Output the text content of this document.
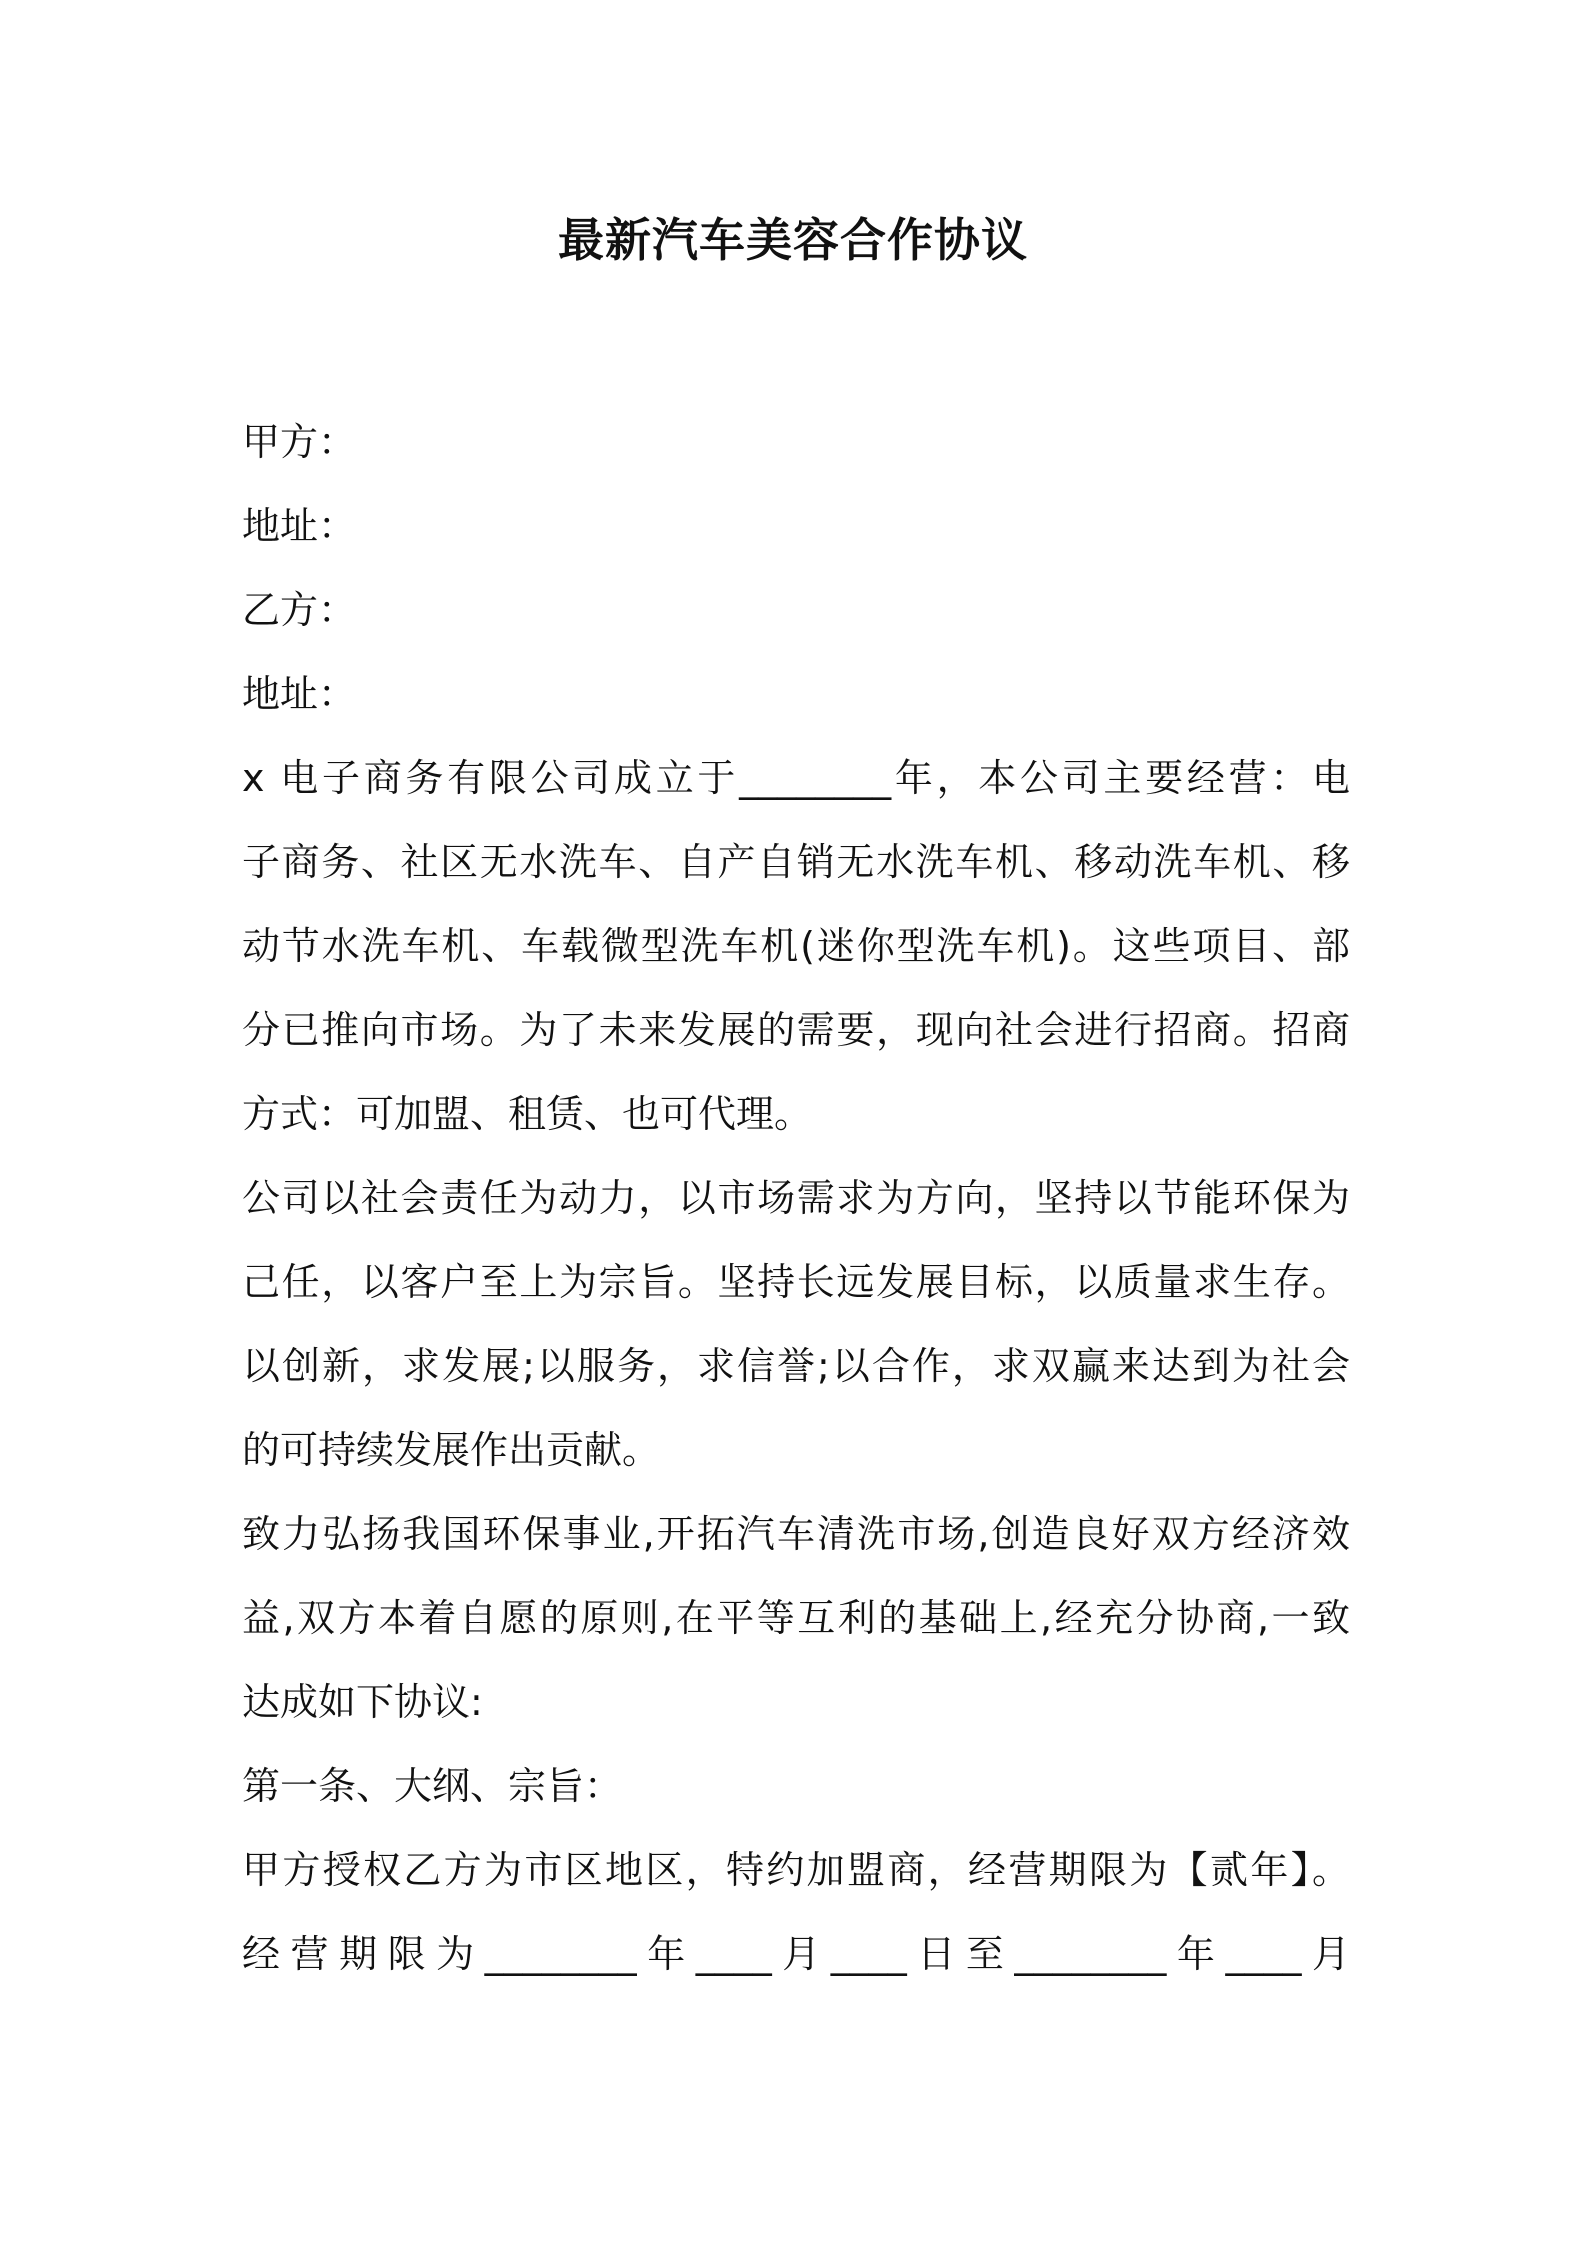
最新汽车美容合作协议
甲方：
地址：
乙方：
地址：
x 电子商务有限公司成立于________年，本公司主要经营：电
子商务、社区无水洗车、自产自销无水洗车机、移动洗车机、移
动节水洗车机、车载微型洗车机(迷你型洗车机)。这些项目、部
分已推向市场。为了未来发展的需要，现向社会进行招商。招商
方式：可加盟、租赁、也可代理。
公司以社会责任为动力，以市场需求为方向，坚持以节能环保为
己任，以客户至上为宗旨。坚持长远发展目标，以质量求生存。
以创新，求发展;以服务，求信誉;以合作，求双赢来达到为社会
的可持续发展作出贡献。
致力弘扬我国环保事业,开拓汽车清洗市场,创造良好双方经济效
益,双方本着自愿的原则,在平等互利的基础上,经充分协商,一致
达成如下协议:
第一条、大纲、宗旨：
甲方授权乙方为市区地区，特约加盟商，经营期限为【贰年】。
经营期限为________年____月____日至________年____月
